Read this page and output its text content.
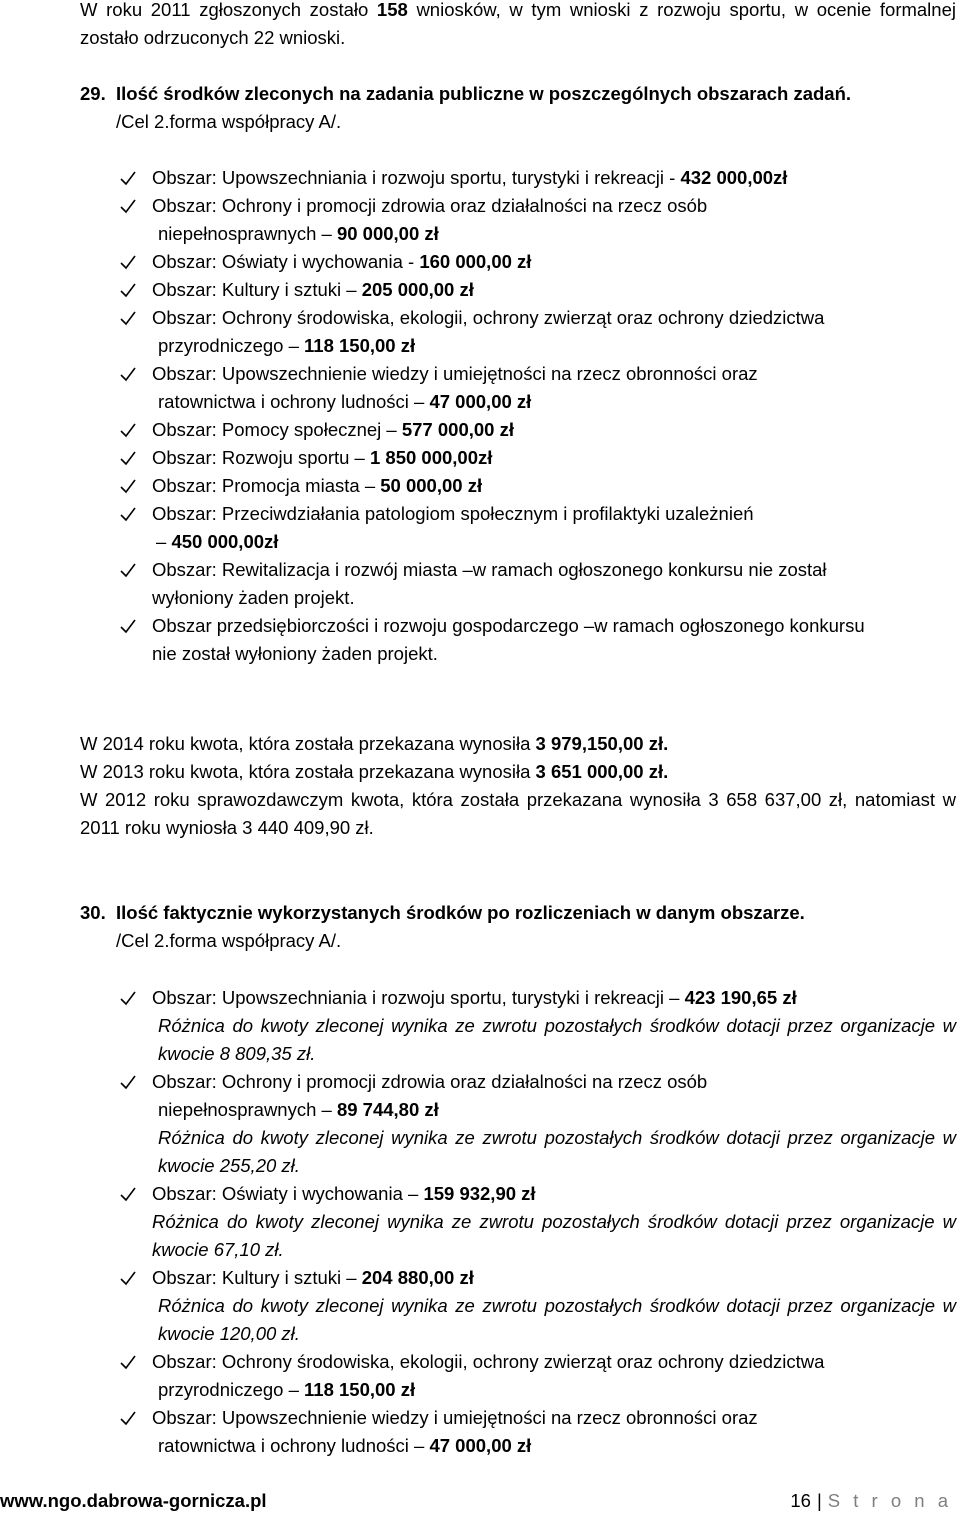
W roku 2011 zgłoszonych zostało 158 wniosków, w tym wnioski z rozwoju sportu, w ocenie formalnej zostało odrzuconych 22 wnioski.
29. Ilość środków zleconych na zadania publiczne w poszczególnych obszarach zadań.
/Cel 2.forma współpracy A/.
Obszar: Upowszechniania i rozwoju sportu, turystyki i rekreacji - 432 000,00zł
Obszar: Ochrony i promocji zdrowia oraz działalności na rzecz osób
niepełnosprawnych – 90 000,00 zł
Obszar: Oświaty i wychowania - 160 000,00 zł
Obszar: Kultury i sztuki – 205 000,00 zł
Obszar: Ochrony środowiska, ekologii, ochrony zwierząt oraz ochrony dziedzictwa
przyrodniczego – 118 150,00 zł
Obszar: Upowszechnienie wiedzy i umiejętności na rzecz obronności oraz
ratownictwa i ochrony ludności – 47 000,00 zł
Obszar: Pomocy społecznej – 577 000,00 zł
Obszar: Rozwoju sportu – 1 850 000,00zł
Obszar: Promocja miasta – 50 000,00 zł
Obszar: Przeciwdziałania patologiom społecznym i profilaktyki uzależnień
– 450 000,00zł
Obszar: Rewitalizacja i rozwój miasta –w ramach ogłoszonego konkursu nie został
wyłoniony żaden projekt.
Obszar przedsiębiorczości i rozwoju gospodarczego –w ramach ogłoszonego konkursu
nie został wyłoniony żaden projekt.
W 2014 roku kwota, która została przekazana wynosiła 3 979,150,00 zł.
W 2013 roku kwota, która została przekazana wynosiła 3 651 000,00 zł.
W 2012 roku sprawozdawczym kwota, która została przekazana wynosiła 3 658 637,00 zł, natomiast w 2011 roku wyniosła 3 440 409,90 zł.
30. Ilość faktycznie wykorzystanych środków po rozliczeniach w danym obszarze.
/Cel 2.forma współpracy A/.
Obszar: Upowszechniania i rozwoju sportu, turystyki i rekreacji – 423 190,65 zł
Różnica do kwoty zleconej wynika ze zwrotu pozostałych środków dotacji przez organizacje w kwocie 8 809,35 zł.
Obszar: Ochrony i promocji zdrowia oraz działalności na rzecz osób
niepełnosprawnych – 89 744,80 zł
Różnica do kwoty zleconej wynika ze zwrotu pozostałych środków dotacji przez organizacje w kwocie 255,20 zł.
Obszar: Oświaty i wychowania – 159 932,90 zł
Różnica do kwoty zleconej wynika ze zwrotu pozostałych środków dotacji przez organizacje w kwocie 67,10 zł.
Obszar: Kultury i sztuki – 204 880,00 zł
Różnica do kwoty zleconej wynika ze zwrotu pozostałych środków dotacji przez organizacje w kwocie 120,00 zł.
Obszar: Ochrony środowiska, ekologii, ochrony zwierząt oraz ochrony dziedzictwa
przyrodniczego – 118 150,00 zł
Obszar: Upowszechnienie wiedzy i umiejętności na rzecz obronności oraz
ratownictwa i ochrony ludności – 47 000,00 zł
www.ngo.dabrowa-gornicza.pl	16 | S t r o n a
